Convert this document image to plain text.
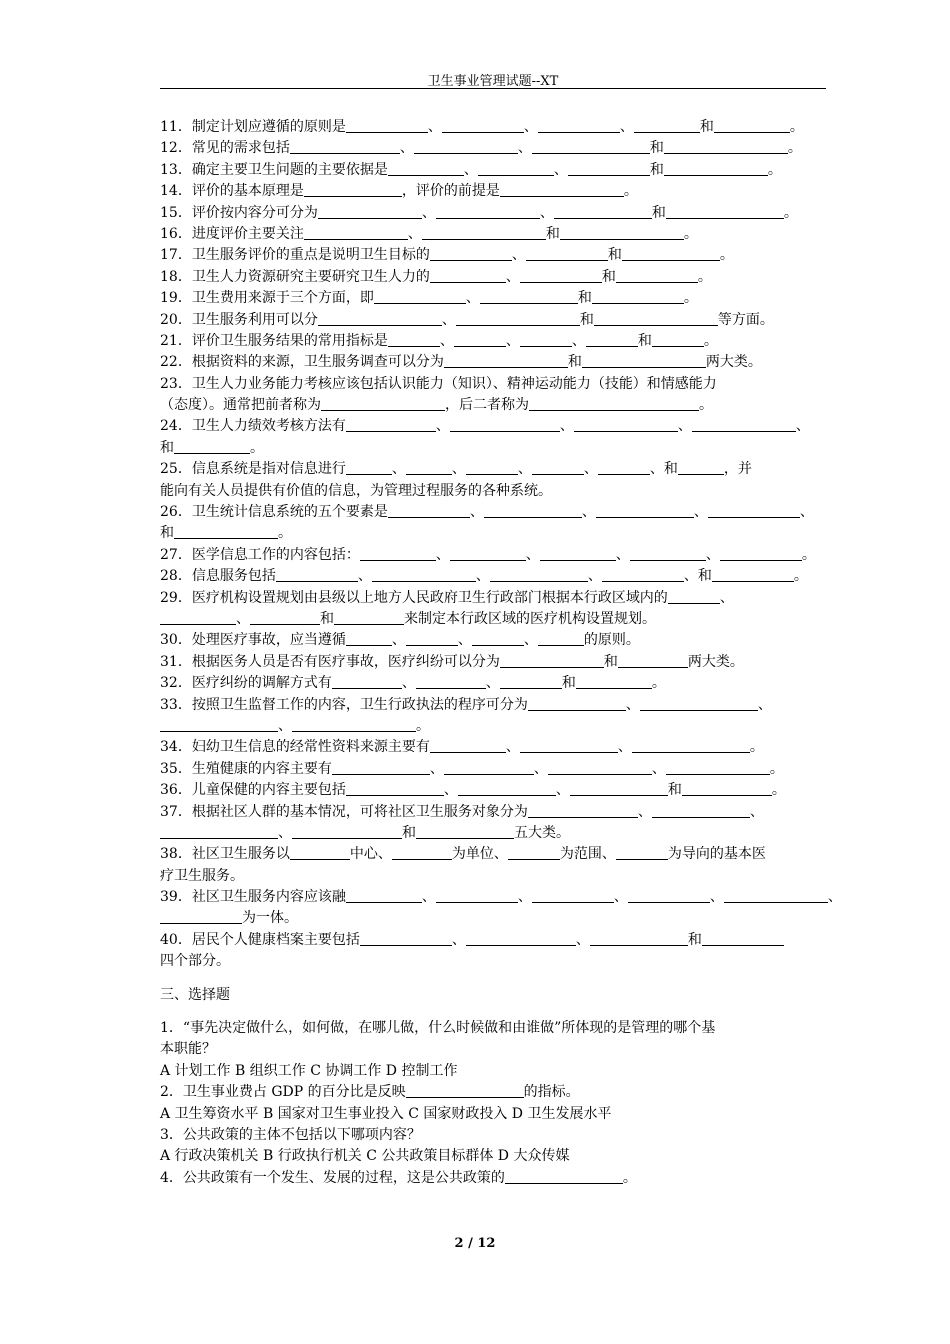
卫生事业管理试题--XT
11．制定计划应遵循的原则是	、	、	、	和	。
12．常见的需求包括	、	、	和	。
13．确定主要卫生问题的主要依据是	、	、	和	。
14．评价的基本原理是	，评价的前提是	。
15．评价按内容分可分为	、	、	和	。
16．进度评价主要关注	、	和	。
17．卫生服务评价的重点是说明卫生目标的	、	和	。
18．卫生人力资源研究主要研究卫生人力的	、	和	。
19．卫生费用来源于三个方面，即	、	和	。
20．卫生服务利用可以分	、	和	等方面。
21．评价卫生服务结果的常用指标是	、	、	、	和	。
22．根据资料的来源，卫生服务调查可以分为	和	两大类。
23．卫生人力业务能力考核应该包括认识能力（知识）、精神运动能力（技能）和情感能力
（态度）。通常把前者称为	，后二者称为	。
24．卫生人力绩效考核方法有	、	、	、	、
和	。
25．信息系统是指对信息进行	、	、	、	、	、和	，并
能向有关人员提供有价值的信息，为管理过程服务的各种系统。
26．卫生统计信息系统的五个要素是	、	、	、	、
和	。
27．医学信息工作的内容包括：	、	、	、	、	。
28．信息服务包括	、	、	、	、和	。
29．医疗机构设置规划由县级以上地方人民政府卫生行政部门根据本行政区域内的	、
、	和	来制定本行政区域的医疗机构设置规划。
30．处理医疗事故，应当遵循	、	、	、	的原则。
31．根据医务人员是否有医疗事故，医疗纠纷可以分为	和	两大类。
32．医疗纠纷的调解方式有	、	、	和	。
33．按照卫生监督工作的内容，卫生行政执法的程序可分为	、	、
、	。
34．妇幼卫生信息的经常性资料来源主要有	、	、	。
35．生殖健康的内容主要有	、	、	、	。
36．儿童保健的内容主要包括	、	、	和	。
37．根据社区人群的基本情况，可将社区卫生服务对象分为	、	、
、	和	五大类。
38．社区卫生服务以	中心、	为单位、	为范围、	为导向的基本医
疗卫生服务。
39．社区卫生服务内容应该融	、	、	、	、	、
为一体。
40．居民个人健康档案主要包括	、	、	和
四个部分。
三、选择题
1．“事先决定做什么，如何做，在哪儿做，什么时候做和由谁做”所体现的是管理的哪个基
本职能？
A 计划工作 B 组织工作 C 协调工作 D 控制工作
2．卫生事业费占 GDP 的百分比是反映	的指标。
A 卫生筹资水平 B 国家对卫生事业投入 C 国家财政投入 D 卫生发展水平
3．公共政策的主体不包括以下哪项内容？
A 行政决策机关 B 行政执行机关 C 公共政策目标群体 D 大众传媒
4．公共政策有一个发生、发展的过程，这是公共政策的	。
2 / 12
